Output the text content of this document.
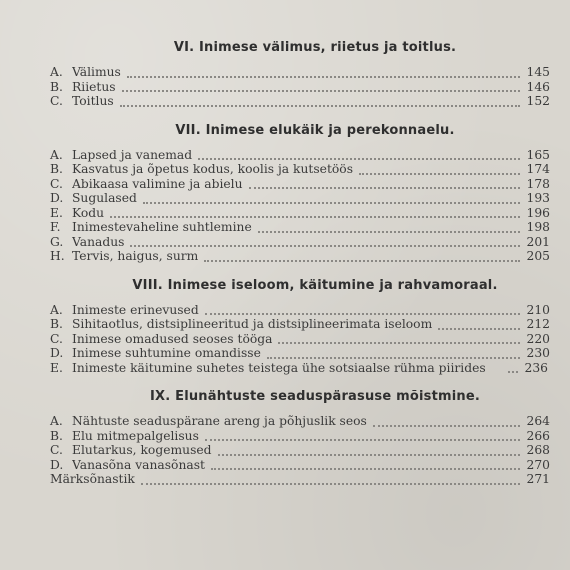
VI. Inimese välimus, riietus ja toitlus.
A. Välimus	145
B. Riietus	146
C. Toitlus	152
VII. Inimese elukäik ja perekonnaelu.
A. Lapsed ja vanemad	165
B. Kasvatus ja õpetus kodus, koolis ja kutsetöös	174
C. Abikaasa valimine ja abielu	178
D. Sugulased	193
E. Kodu	196
F. Inimestevaheline suhtlemine	198
G. Vanadus	201
H. Tervis, haigus, surm	205
VIII. Inimese iseloom, käitumine ja rahvamoraal.
A. Inimeste erinevused	210
B. Sihitaotlus, distsiplineeritud ja distsiplineerimata iseloom	212
C. Inimese omadused seoses tööga	220
D. Inimese suhtumine omandisse	230
E. Inimeste käitumine suhetes teistega ühe sotsiaalse rühma piirides	236
IX. Elunähtuste seaduspärasuse mõistmine.
A. Nähtuste seaduspärane areng ja põhjuslik seos	264
B. Elu mitmepalgelisus	266
C. Elutarkus, kogemused	268
D. Vanasõna vanasõnast	270
Märksõnastik	271
